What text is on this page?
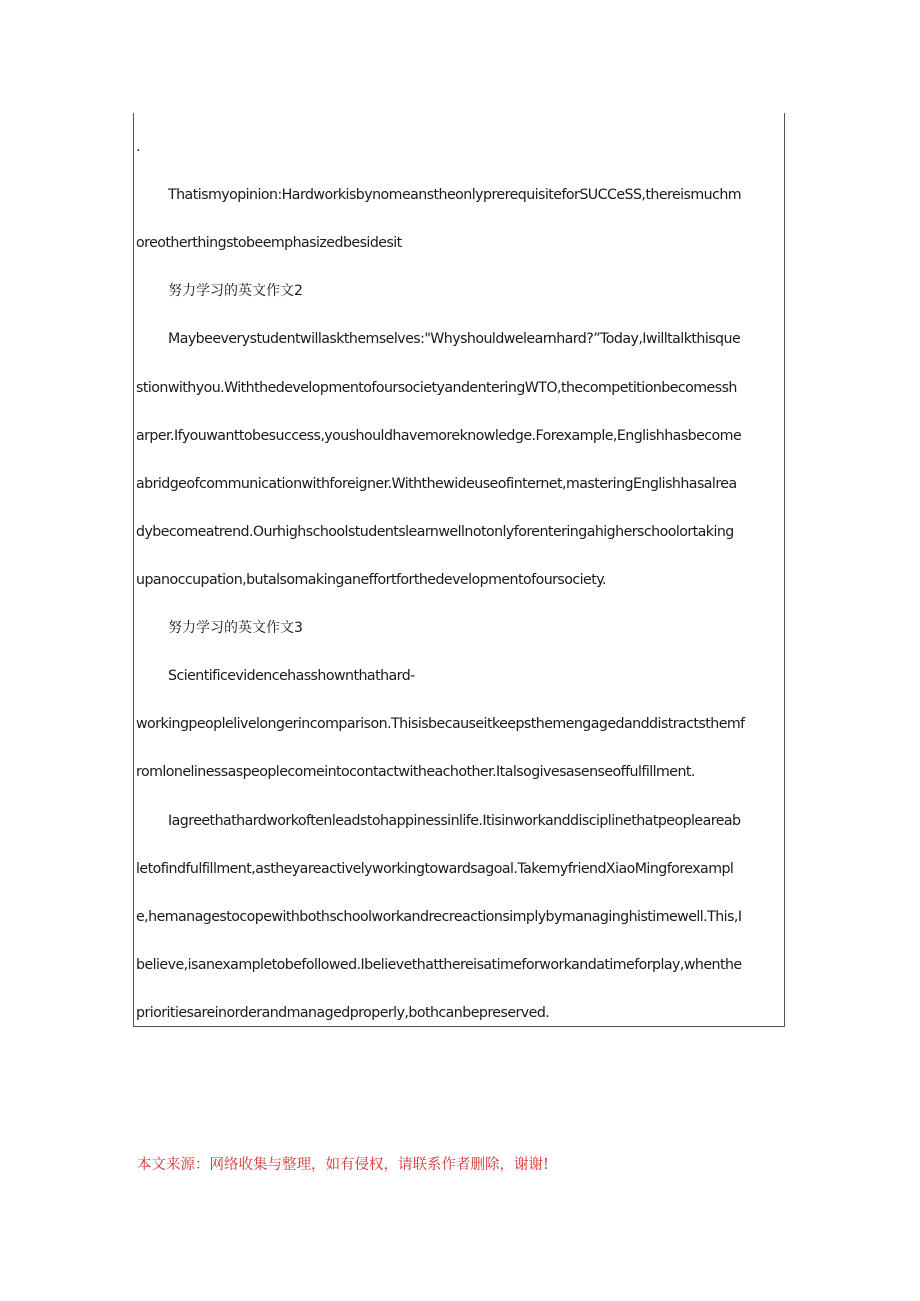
.
Thatismyopinion:HardworkisbynomeanstheonlyprerequisiteforSUCCeSS,thereismuchm
oreotherthingstobeemphasizedbesidesit
努力学习的英文作文2
Maybeeverystudentwillaskthemselves:"Whyshouldwelearnhard?”Today,Iwilltalkthisque
stionwithyou.WiththedevelopmentofoursocietyandenteringWTO,thecompetitionbecomessh
arper.Ifyouwanttobesuccess,youshouldhavemoreknowledge.Forexample,Englishhasbecome
abridgeofcommunicationwithforeigner.Withthewideuseofinternet,masteringEnglishhasalrea
dybecomeatrend.Ourhighschoolstudentslearnwellnotonlyforenteringahigherschoolortaking
upanoccupation,butalsomakinganeffortforthedevelopmentofoursociety.
努力学习的英文作文3
Scientificevidencehasshownthathard-
workingpeoplelivelongerincomparison.Thisisbecauseitkeepsthemengagedanddistractsthemf
romlonelinessaspeoplecomeintocontactwitheachother.Italsogivesasenseoffulfillment.
Iagreethathardworkoftenleadstohappinessinlife.Itisinworkanddisciplinethatpeopleareab
letofindfulfillment,astheyareactivelyworkingtowardsagoal.TakemyfriendXiaoMingforexampl
e,hemanagestocopewithbothschoolworkandrecreactionsimplybymanaginghistimewell.This,I
believe,isanexampletobefollowed.Ibelievethatthereisatimeforworkandatimeforplay,whenthe
prioritiesareinorderandmanagedproperly,bothcanbepreserved.
本文来源：网络收集与整理，如有侵权，请联系作者删除，谢谢!
